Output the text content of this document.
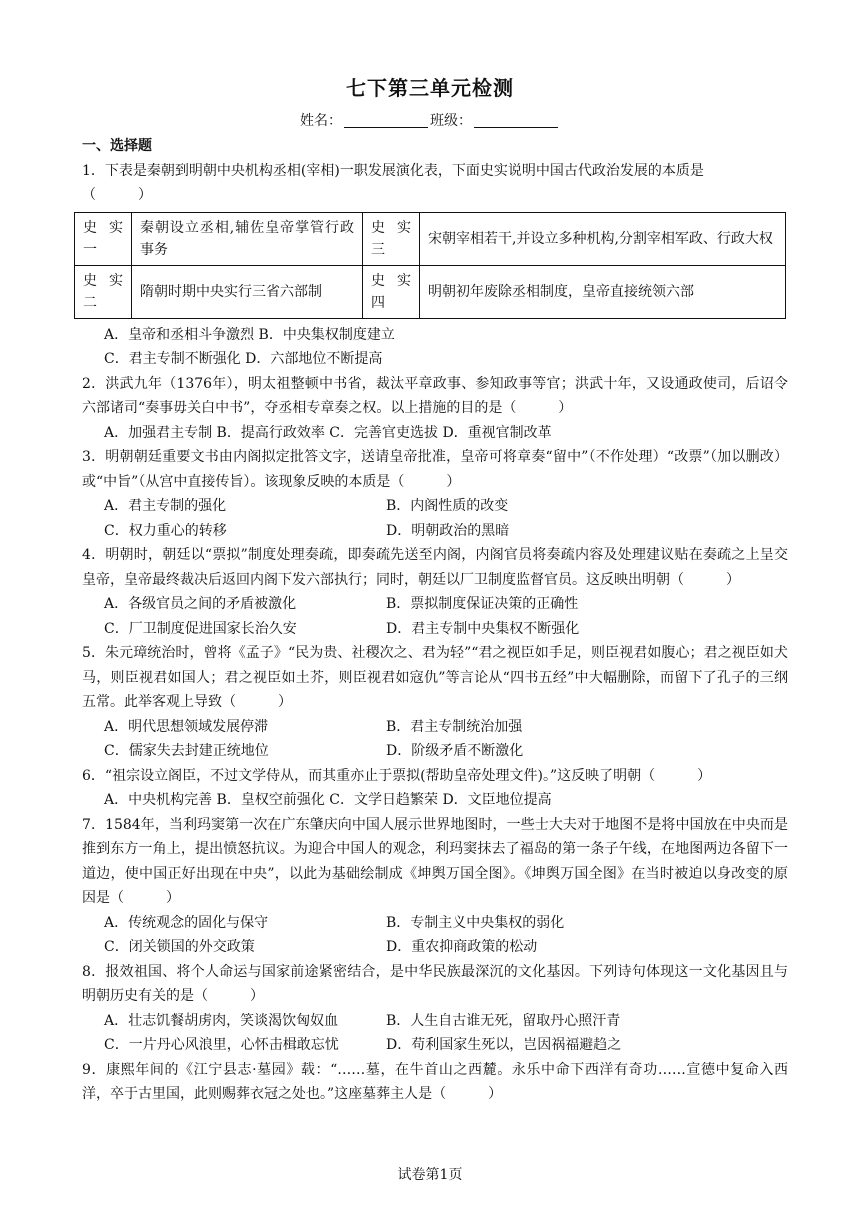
七下第三单元检测
姓名：	班级：
一、选择题
1．下表是秦朝到明朝中央机构丞相(宰相)一职发展演化表，下面史实说明中国古代政治发展的本质是
（　　　）
史实一	秦朝设立丞相,辅佐皇帝掌管行政事务	史实三	宋朝宰相若干,并设立多种机构,分割宰相军政、行政大权
史实二	隋朝时期中央实行三省六部制	史实四	明朝初年废除丞相制度，皇帝直接统领六部
A．皇帝和丞相斗争激烈 B．中央集权制度建立
C．君主专制不断强化 D．六部地位不断提高
2．洪武九年（1376年），明太祖整顿中书省，裁汰平章政事、参知政事等官；洪武十年，又设通政使司，后诏令六部诸司“奏事毋关白中书”，夺丞相专章奏之权。以上措施的目的是（　　　）
A．加强君主专制 B．提高行政效率 C．完善官吏选拔 D．重视官制改革
3．明朝朝廷重要文书由内阁拟定批答文字，送请皇帝批准，皇帝可将章奏“留中”（不作处理）“改票”（加以删改）或“中旨”（从宫中直接传旨）。该现象反映的本质是（　　　）
A．君主专制的强化	B．内阁性质的改变
C．权力重心的转移	D．明朝政治的黑暗
4．明朝时，朝廷以“票拟”制度处理奏疏，即奏疏先送至内阁，内阁官员将奏疏内容及处理建议贴在奏疏之上呈交皇帝，皇帝最终裁决后返回内阁下发六部执行；同时，朝廷以厂卫制度监督官员。这反映出明朝（　　　）
A．各级官员之间的矛盾被激化	B．票拟制度保证决策的正确性
C．厂卫制度促进国家长治久安	D．君主专制中央集权不断强化
5．朱元璋统治时，曾将《孟子》“民为贵、社稷次之、君为轻”“君之视臣如手足，则臣视君如腹心；君之视臣如犬马，则臣视君如国人；君之视臣如土芥，则臣视君如寇仇”等言论从“四书五经”中大幅删除，而留下了孔子的三纲五常。此举客观上导致（　　　）
A．明代思想领域发展停滞	B．君主专制统治加强
C．儒家失去封建正统地位	D．阶级矛盾不断激化
6．“祖宗设立阁臣，不过文学侍从，而其重亦止于票拟(帮助皇帝处理文件)。”这反映了明朝（　　　）
A．中央机构完善 B．皇权空前强化 C．文学日趋繁荣 D．文臣地位提高
7．1584年，当利玛窦第一次在广东肇庆向中国人展示世界地图时，一些士大夫对于地图不是将中国放在中央而是推到东方一角上，提出愤怒抗议。为迎合中国人的观念，利玛窦抹去了福岛的第一条子午线，在地图两边各留下一道边，使中国正好出现在中央”，以此为基础绘制成《坤舆万国全图》。《坤舆万国全图》在当时被迫以身改变的原因是（　　　）
A．传统观念的固化与保守	B．专制主义中央集权的弱化
C．闭关锁国的外交政策	D．重农抑商政策的松动
8．报效祖国、将个人命运与国家前途紧密结合，是中华民族最深沉的文化基因。下列诗句体现这一文化基因且与明朝历史有关的是（　　　）
A．壮志饥餐胡虏肉，笑谈渴饮匈奴血	B．人生自古谁无死，留取丹心照汗青
C．一片丹心风浪里，心怀击楫敢忘忧	D．苟利国家生死以，岂因祸福避趋之
9．康熙年间的《江宁县志·墓园》载：“……墓，在牛首山之西麓。永乐中命下西洋有奇功……宣德中复命入西洋，卒于古里国，此则赐葬衣冠之处也。”这座墓葬主人是（　　　）
试卷第1页
